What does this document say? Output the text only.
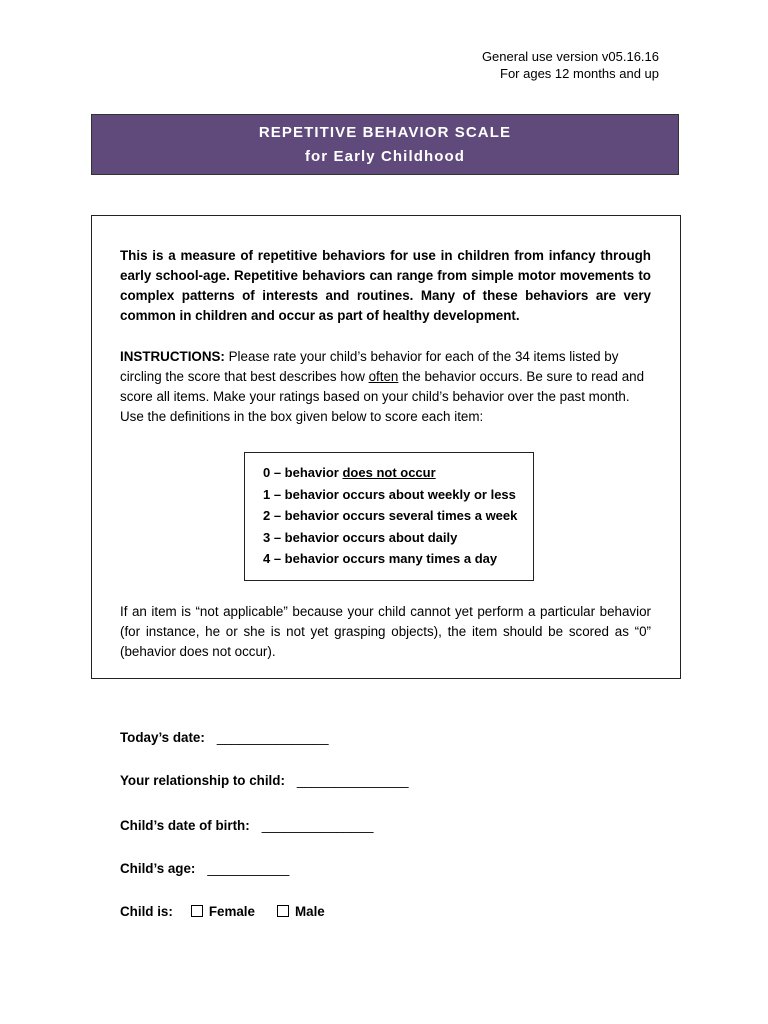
General use version v05.16.16
For ages 12 months and up
REPETITIVE BEHAVIOR SCALE
for Early Childhood

This is a measure of repetitive behaviors for use in children from infancy through early school-age. Repetitive behaviors can range from simple motor movements to complex patterns of interests and routines. Many of these behaviors are very common in children and occur as part of healthy development.

INSTRUCTIONS: Please rate your child’s behavior for each of the 34 items listed by circling the score that best describes how often the behavior occurs. Be sure to read and score all items. Make your ratings based on your child’s behavior over the past month. Use the definitions in the box given below to score each item:

0 – behavior does not occur
1 – behavior occurs about weekly or less
2 – behavior occurs several times a week
3 – behavior occurs about daily
4 – behavior occurs many times a day

If an item is “not applicable” because your child cannot yet perform a particular behavior (for instance, he or she is not yet grasping objects), the item should be scored as “0” (behavior does not occur).

Today’s date: _______________
Your relationship to child: _______________
Child’s date of birth: _______________
Child’s age: ___________
Child is:	Female	Male
